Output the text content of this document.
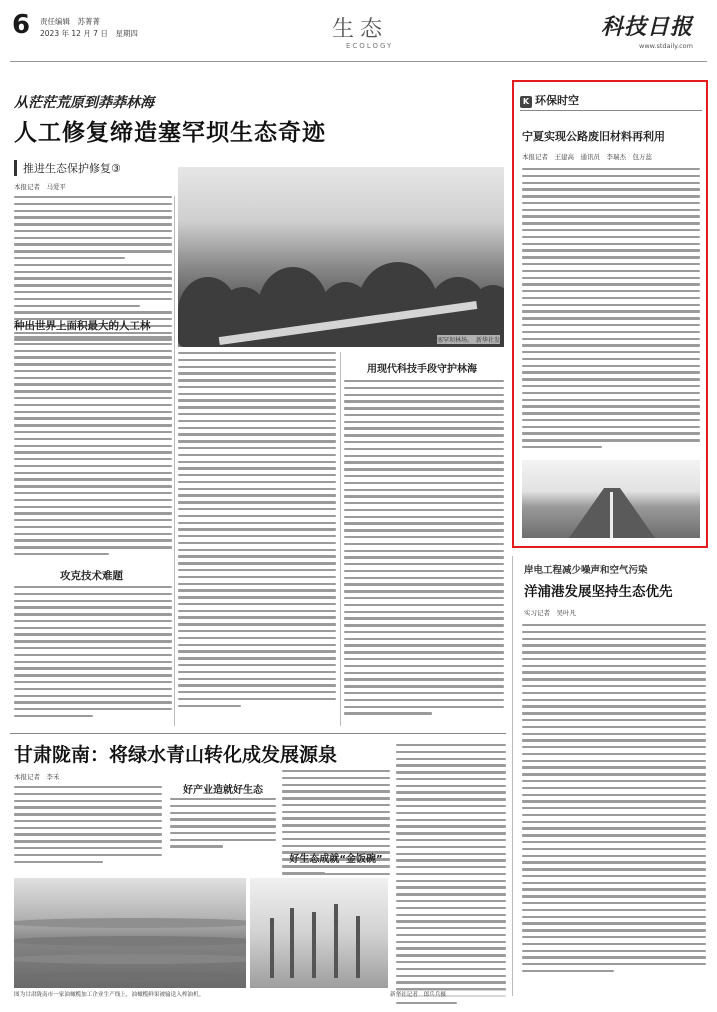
6 责任编辑　苏菁菁
2023 年 12 月 7 日　星期四	生态
ECOLOGY
科技日报
www.stdaily.com
从茫茫荒原到莽莽林海
人工修复缔造塞罕坝生态奇迹
推进生态保护修复③
本报记者　马爱平
种出世界上面积最大的人工林
攻克技术难题
塞罕坝林场。　新华社发
用现代科技手段守护林海
K 环保时空
宁夏实现公路废旧材料再利用
本报记者　王建高　通讯员　李瑞杰　包万蕊
岸电工程减少噪声和空气污染
洋浦港发展坚持生态优先
实习记者　吴叶凡
甘肃陇南：将绿水青山转化成发展源泉
本报记者　李禾
好产业造就好生态
好生态成就“金饭碗”
图为甘肃陇南市一家油橄榄加工企业生产线上，油橄榄鲜果被输送入榨油机。	新华社记者　郎兵兵摄
